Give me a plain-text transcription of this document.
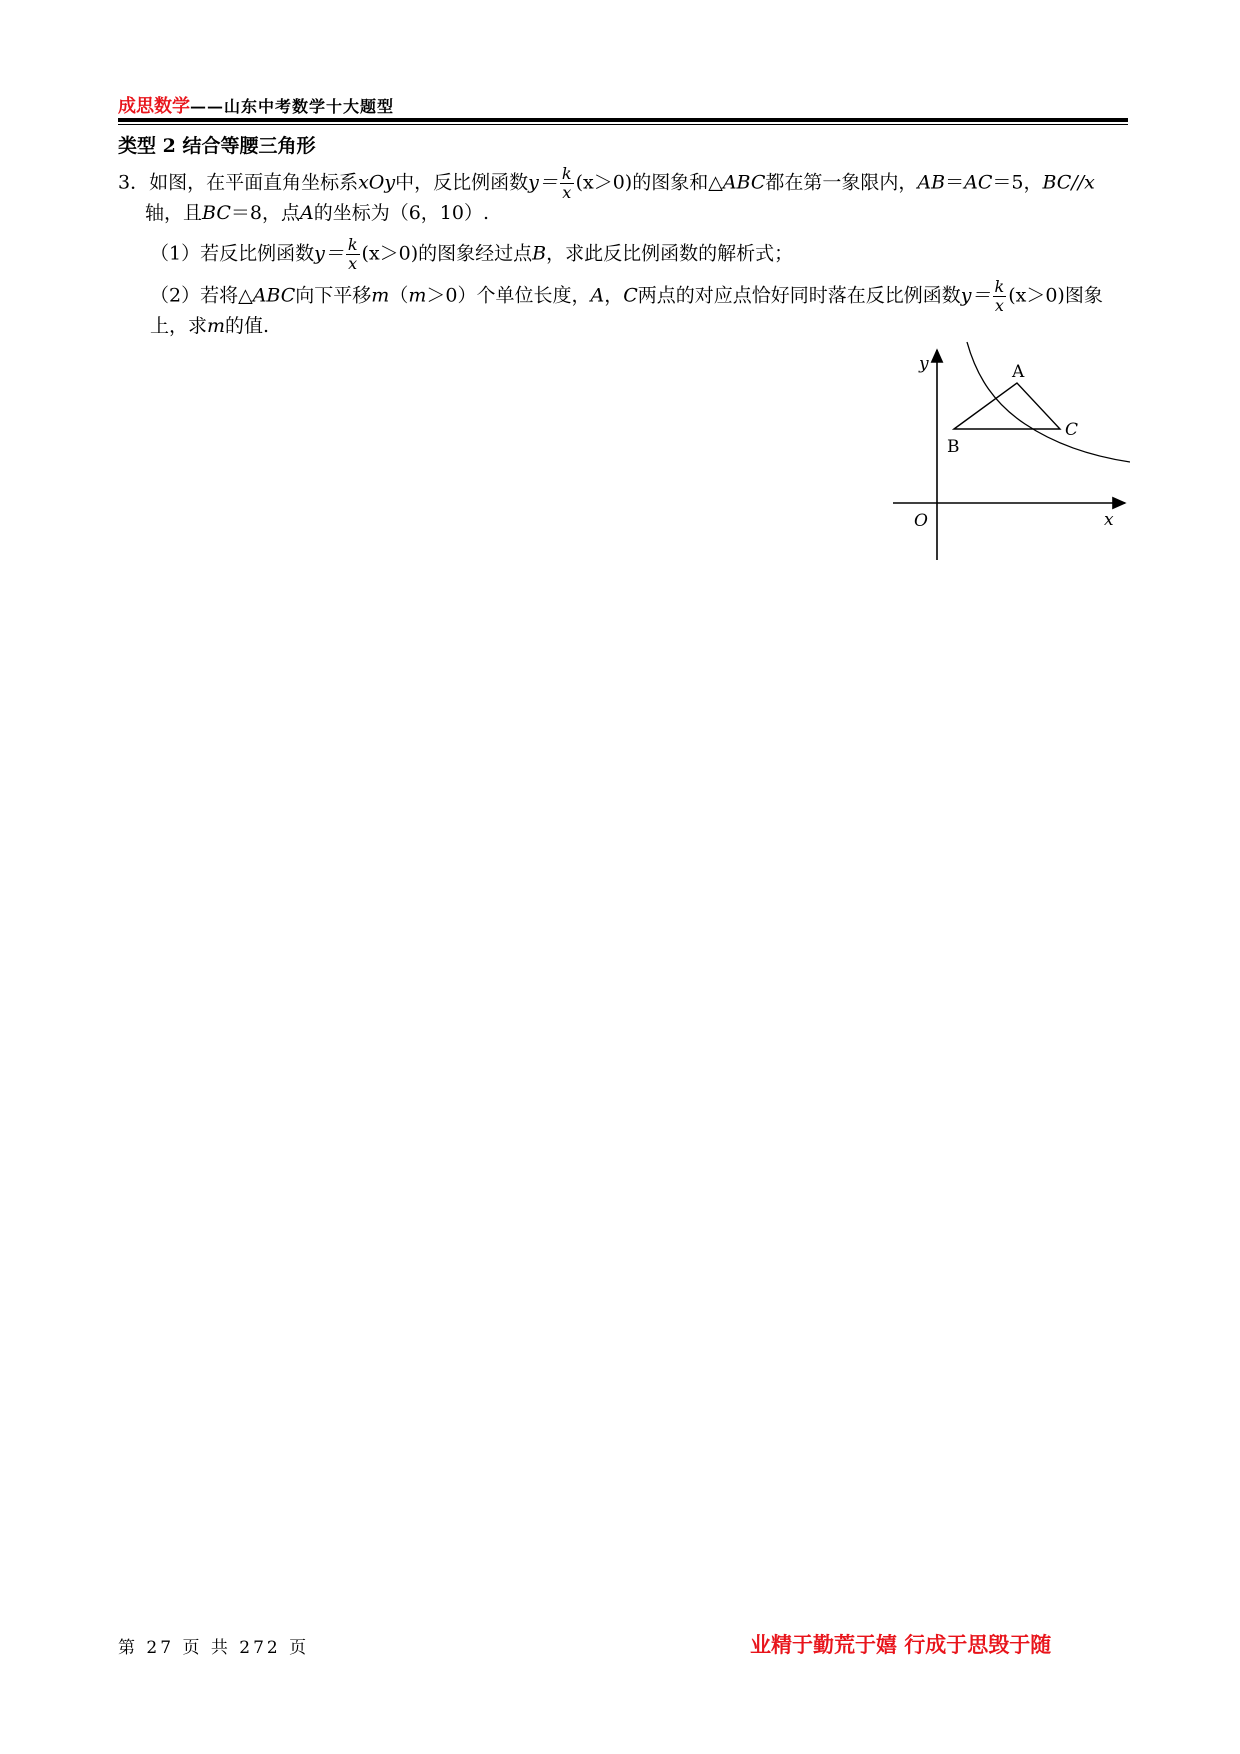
成思数学——山东中考数学十大题型
类型 2 结合等腰三角形
3．如图，在平面直角坐标系xOy中，反比例函数$y= \frac{k}{x} (x>0)$的图象和△ABC都在第一象限内，AB＝AC＝5，BC//x
轴，且BC＝8，点A的坐标为（6，10）.
（1）若反比例函数$y= \frac{k}{x} (x>0)$的图象经过点B，求此反比例函数的解析式；
（2）若将△ABC向下平移m（m＞0）个单位长度，A，C两点的对应点恰好同时落在反比例函数$y= \frac{k}{x} (x>0)$图象
上，求m的值.
y
x
O
A
B
C
第 27 页 共 272 页	业精于勤荒于嬉 行成于思毁于随
